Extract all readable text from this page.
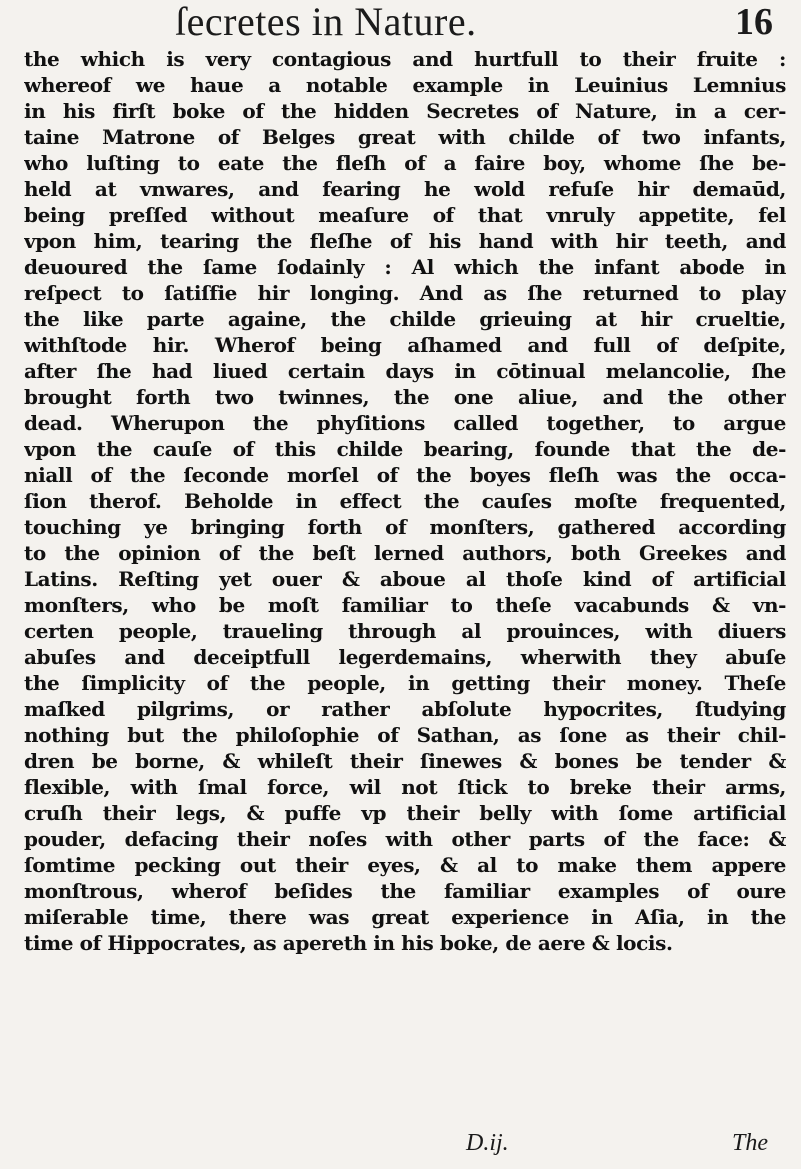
ſecretes in Nature.	16
the which is very contagious and hurtfull to their fruite :
whereof we haue a notable example in Leuinius Lemnius
in his firſt boke of the hidden Secretes of Nature, in a cer-
taine Matrone of Belges great with childe of two infants,
who luſting to eate the fleſh of a faire boy, whome ſhe be-
held at vnwares, and fearing he wold refuſe hir demaūd,
being preſſed without meaſure of that vnruly appetite, fel
vpon him, tearing the fleſhe of his hand with hir teeth, and
deuoured the ſame ſodainly : Al which the infant abode in
reſpect to ſatiſfie hir longing. And as ſhe returned to play
the like parte againe, the childe grieuing at hir crueltie,
withſtode hir. Wherof being aſhamed and full of deſpite,
after ſhe had liued certain days in cōtinual melancolie, ſhe
brought forth two twinnes, the one aliue, and the other
dead. Wherupon the phyſitions called together, to argue
vpon the cauſe of this childe bearing, founde that the de-
niall of the ſeconde morſel of the boyes fleſh was the occa-
ſion therof. Beholde in effect the cauſes moſte frequented,
touching ye bringing forth of monſters, gathered according
to the opinion of the beſt lerned authors, both Greekes and
Latins. Reſting yet ouer & aboue al thoſe kind of artificial
monſters, who be moſt familiar to theſe vacabunds & vn-
certen people, traueling through al prouinces, with diuers
abuſes and deceiptfull legerdemains, wherwith they abuſe
the ſimplicity of the people, in getting their money. Theſe
maſked pilgrims, or rather abſolute hypocrites, ſtudying
nothing but the philoſophie of Sathan, as ſone as their chil-
dren be borne, & whileſt their ſinewes & bones be tender &
flexible, with ſmal force, wil not ſtick to breke their arms,
cruſh their legs, & puffe vp their belly with ſome artificial
pouder, defacing their noſes with other parts of the face: &
ſomtime pecking out their eyes, & al to make them appere
monſtrous, wherof beſides the familiar examples of oure
miſerable time, there was great experience in Aſia, in the
time of Hippocrates, as apereth in his boke, de aere & locis.
D.ij.	The
